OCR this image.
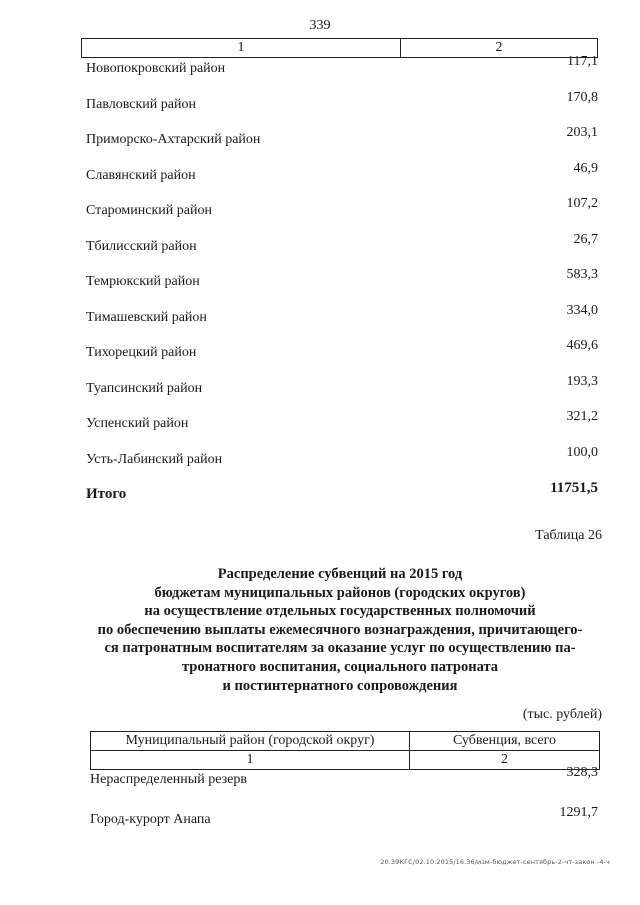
339
1	2
Новопокровский район	117,1
Павловский район	170,8
Приморско-Ахтарский район	203,1
Славянский район	46,9
Староминский район	107,2
Тбилисский район	26,7
Темрюкский район	583,3
Тимашевский район	334,0
Тихорецкий район	469,6
Туапсинский район	193,3
Успенский район	321,2
Усть-Лабинский район	100,0
Итого	11751,5
Таблица 26
Распределение субвенций на 2015 год
бюджетам муниципальных районов (городских округов)
на осуществление отдельных государственных полномочий
по обеспечению выплаты ежемесячного вознаграждения, причитающего-
ся патронатным воспитателям за оказание услуг по осуществлению па-
тронатного воспитания, социального патроната
и постинтернатного сопровождения
(тыс. рублей)
Муниципальный район (городской округ)	Субвенция, всего
1	2
Нераспределенный резерв	328,3
Город-курорт Анапа	1291,7
20.39КГС/02.10.2015/16.36/изм-бюджет-сентябрь-2-чт-закон -4-ч
